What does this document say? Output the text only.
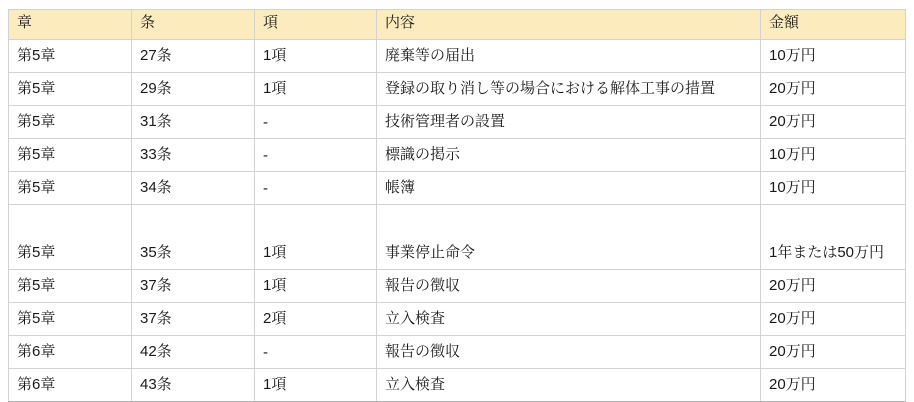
章	条	項	内容	金額
第5章	27条	1項	廃棄等の届出	10万円
第5章	29条	1項	登録の取り消し等の場合における解体工事の措置	20万円
第5章	31条	-	技術管理者の設置	20万円
第5章	33条	-	標識の掲示	10万円
第5章	34条	-	帳簿	10万円
第5章	35条	1項	事業停止命令	1年または50万円
第5章	37条	1項	報告の徴収	20万円
第5章	37条	2項	立入検査	20万円
第6章	42条	-	報告の徴収	20万円
第6章	43条	1項	立入検査	20万円
